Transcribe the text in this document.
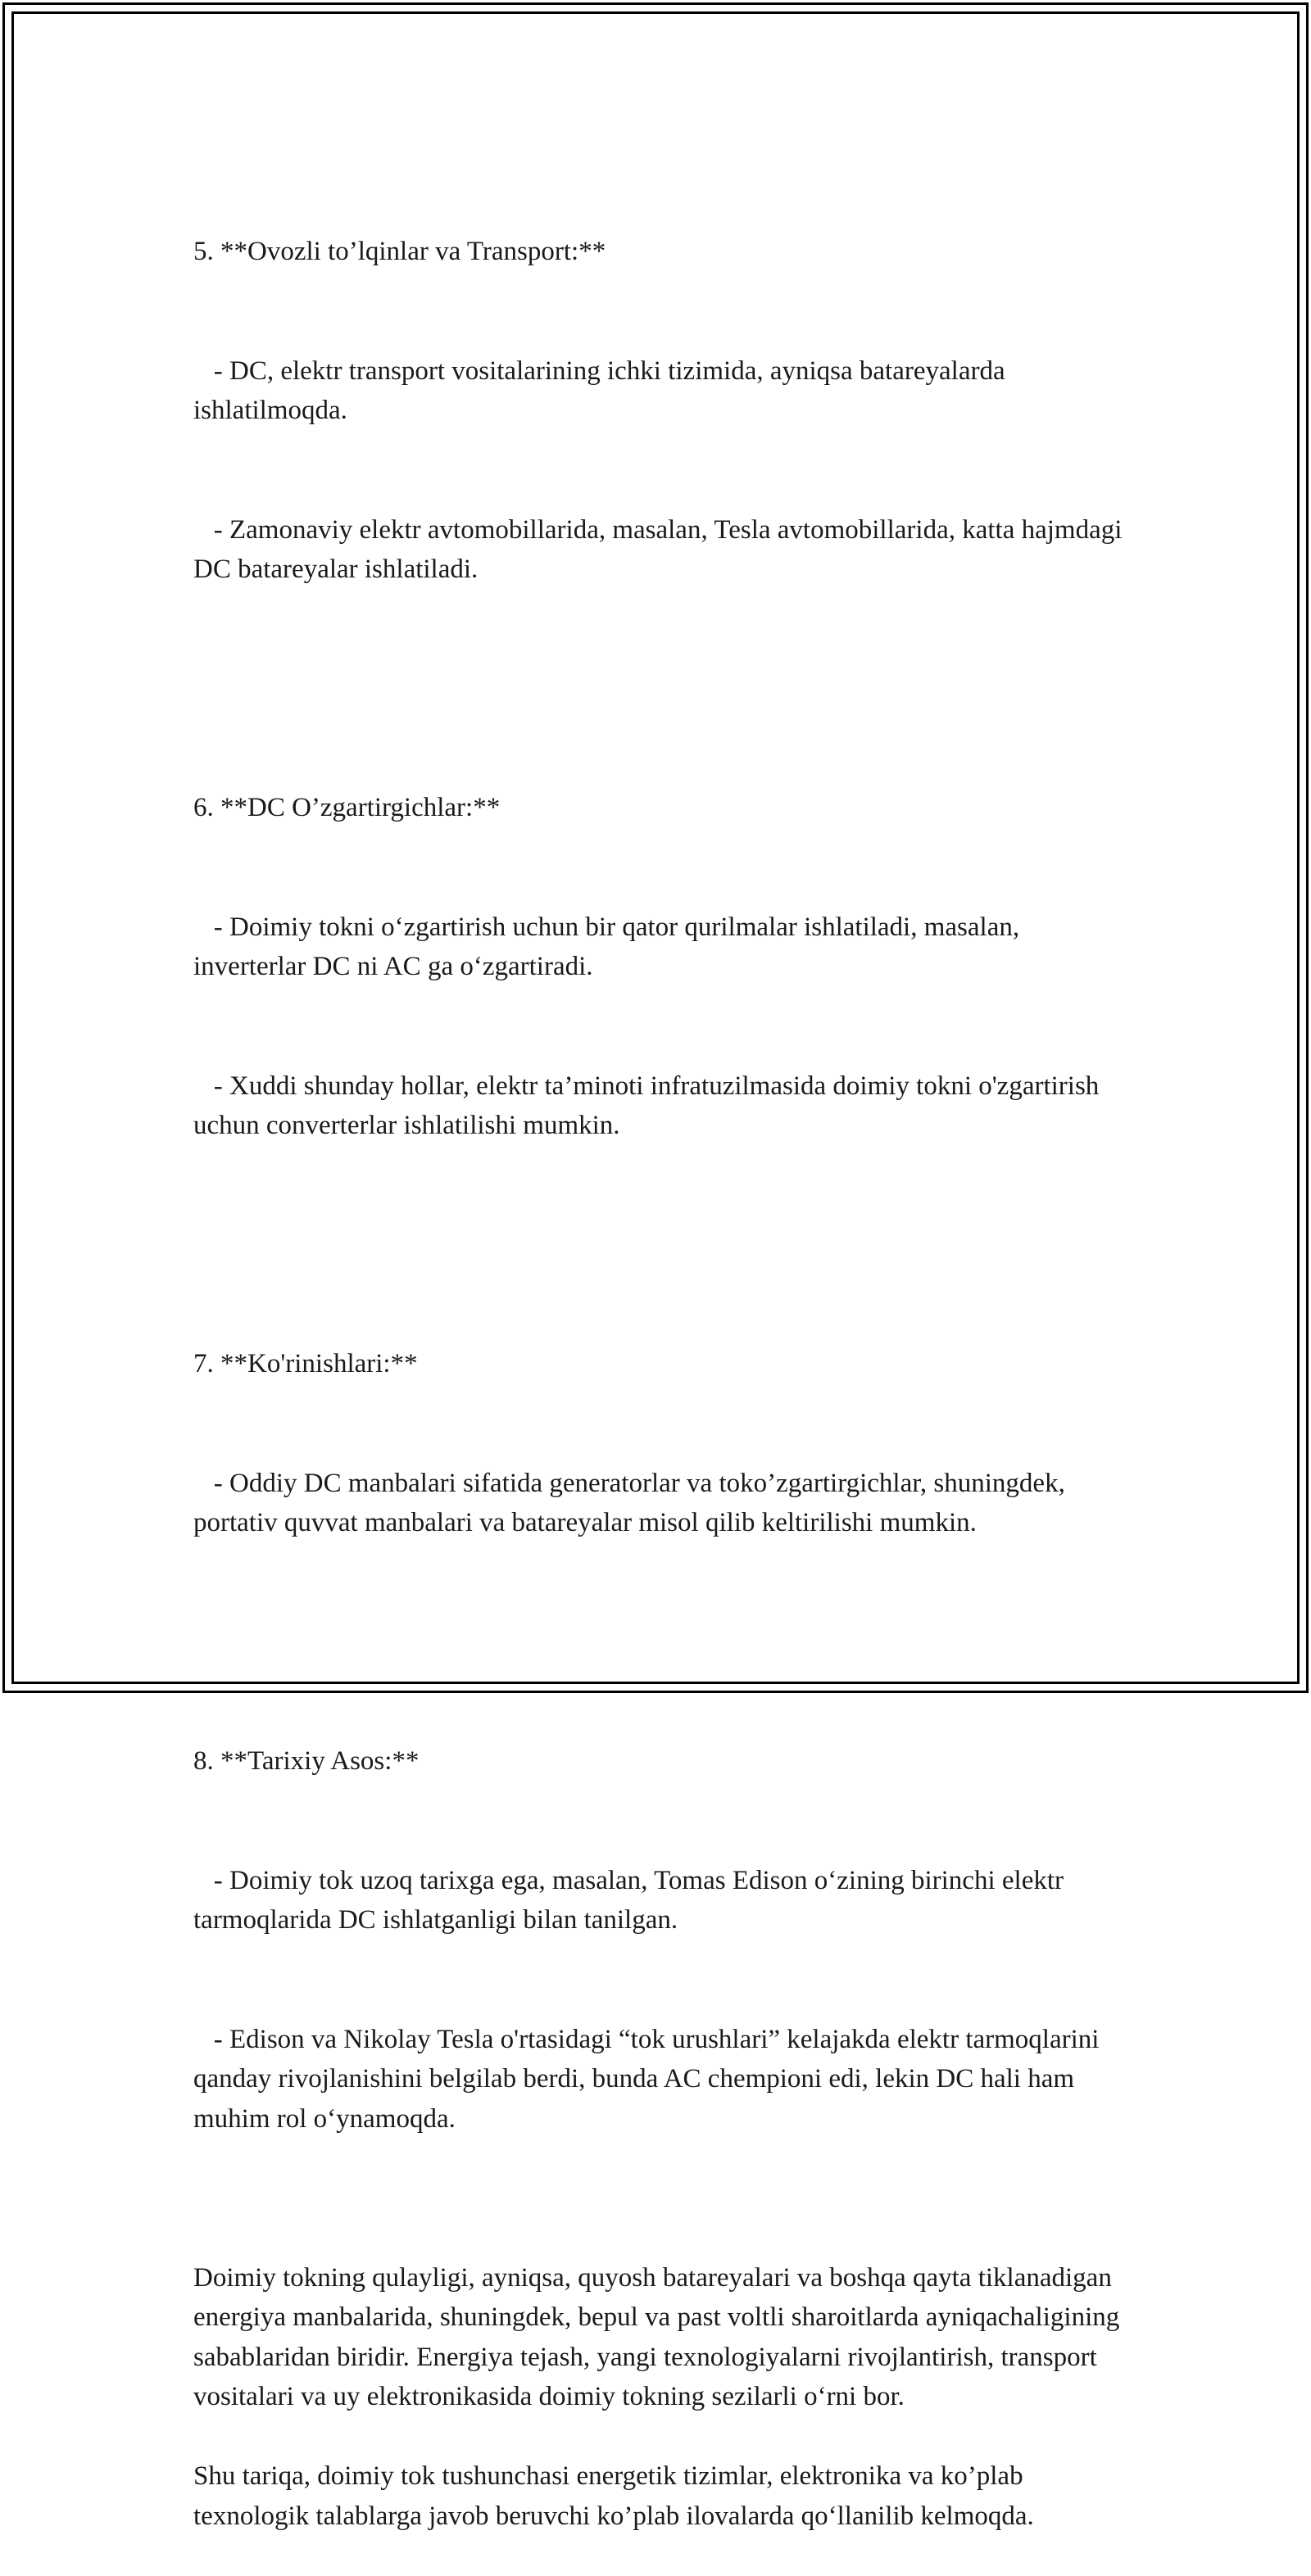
5. **Ovozli to’lqinlar va Transport:**

- DC, elektr transport vositalarining ichki tizimida, ayniqsa batareyalarda ishlatilmoqda.

- Zamonaviy elektr avtomobillarida, masalan, Tesla avtomobillarida, katta hajmdagi DC batareyalar ishlatiladi.

6. **DC O’zgartirgichlar:**

- Doimiy tokni o‘zgartirish uchun bir qator qurilmalar ishlatiladi, masalan, inverterlar DC ni AC ga o‘zgartiradi.

- Xuddi shunday hollar, elektr ta’minoti infratuzilmasida doimiy tokni o'zgartirish uchun converterlar ishlatilishi mumkin.

7. **Ko'rinishlari:**

- Oddiy DC manbalari sifatida generatorlar va toko’zgartirgichlar, shuningdek, portativ quvvat manbalari va batareyalar misol qilib keltirilishi mumkin.

8. **Tarixiy Asos:**

- Doimiy tok uzoq tarixga ega, masalan, Tomas Edison o‘zining birinchi elektr tarmoqlarida DC ishlatganligi bilan tanilgan.

- Edison va Nikolay Tesla o'rtasidagi “tok urushlari” kelajakda elektr tarmoqlarini qanday rivojlanishini belgilab berdi, bunda AC chempioni edi, lekin DC hali ham muhim rol o‘ynamoqda.

Doimiy tokning qulayligi, ayniqsa, quyosh batareyalari va boshqa qayta tiklanadigan energiya manbalarida, shuningdek, bepul va past voltli sharoitlarda ayniqachaligining sabablaridan biridir. Energiya tejash, yangi texnologiyalarni rivojlantirish, transport vositalari va uy elektronikasida doimiy tokning sezilarli o‘rni bor.

Shu tariqa, doimiy tok tushunchasi energetik tizimlar, elektronika va ko’plab texnologik talablarga javob beruvchi ko’plab ilovalarda qo‘llanilib kelmoqda.
